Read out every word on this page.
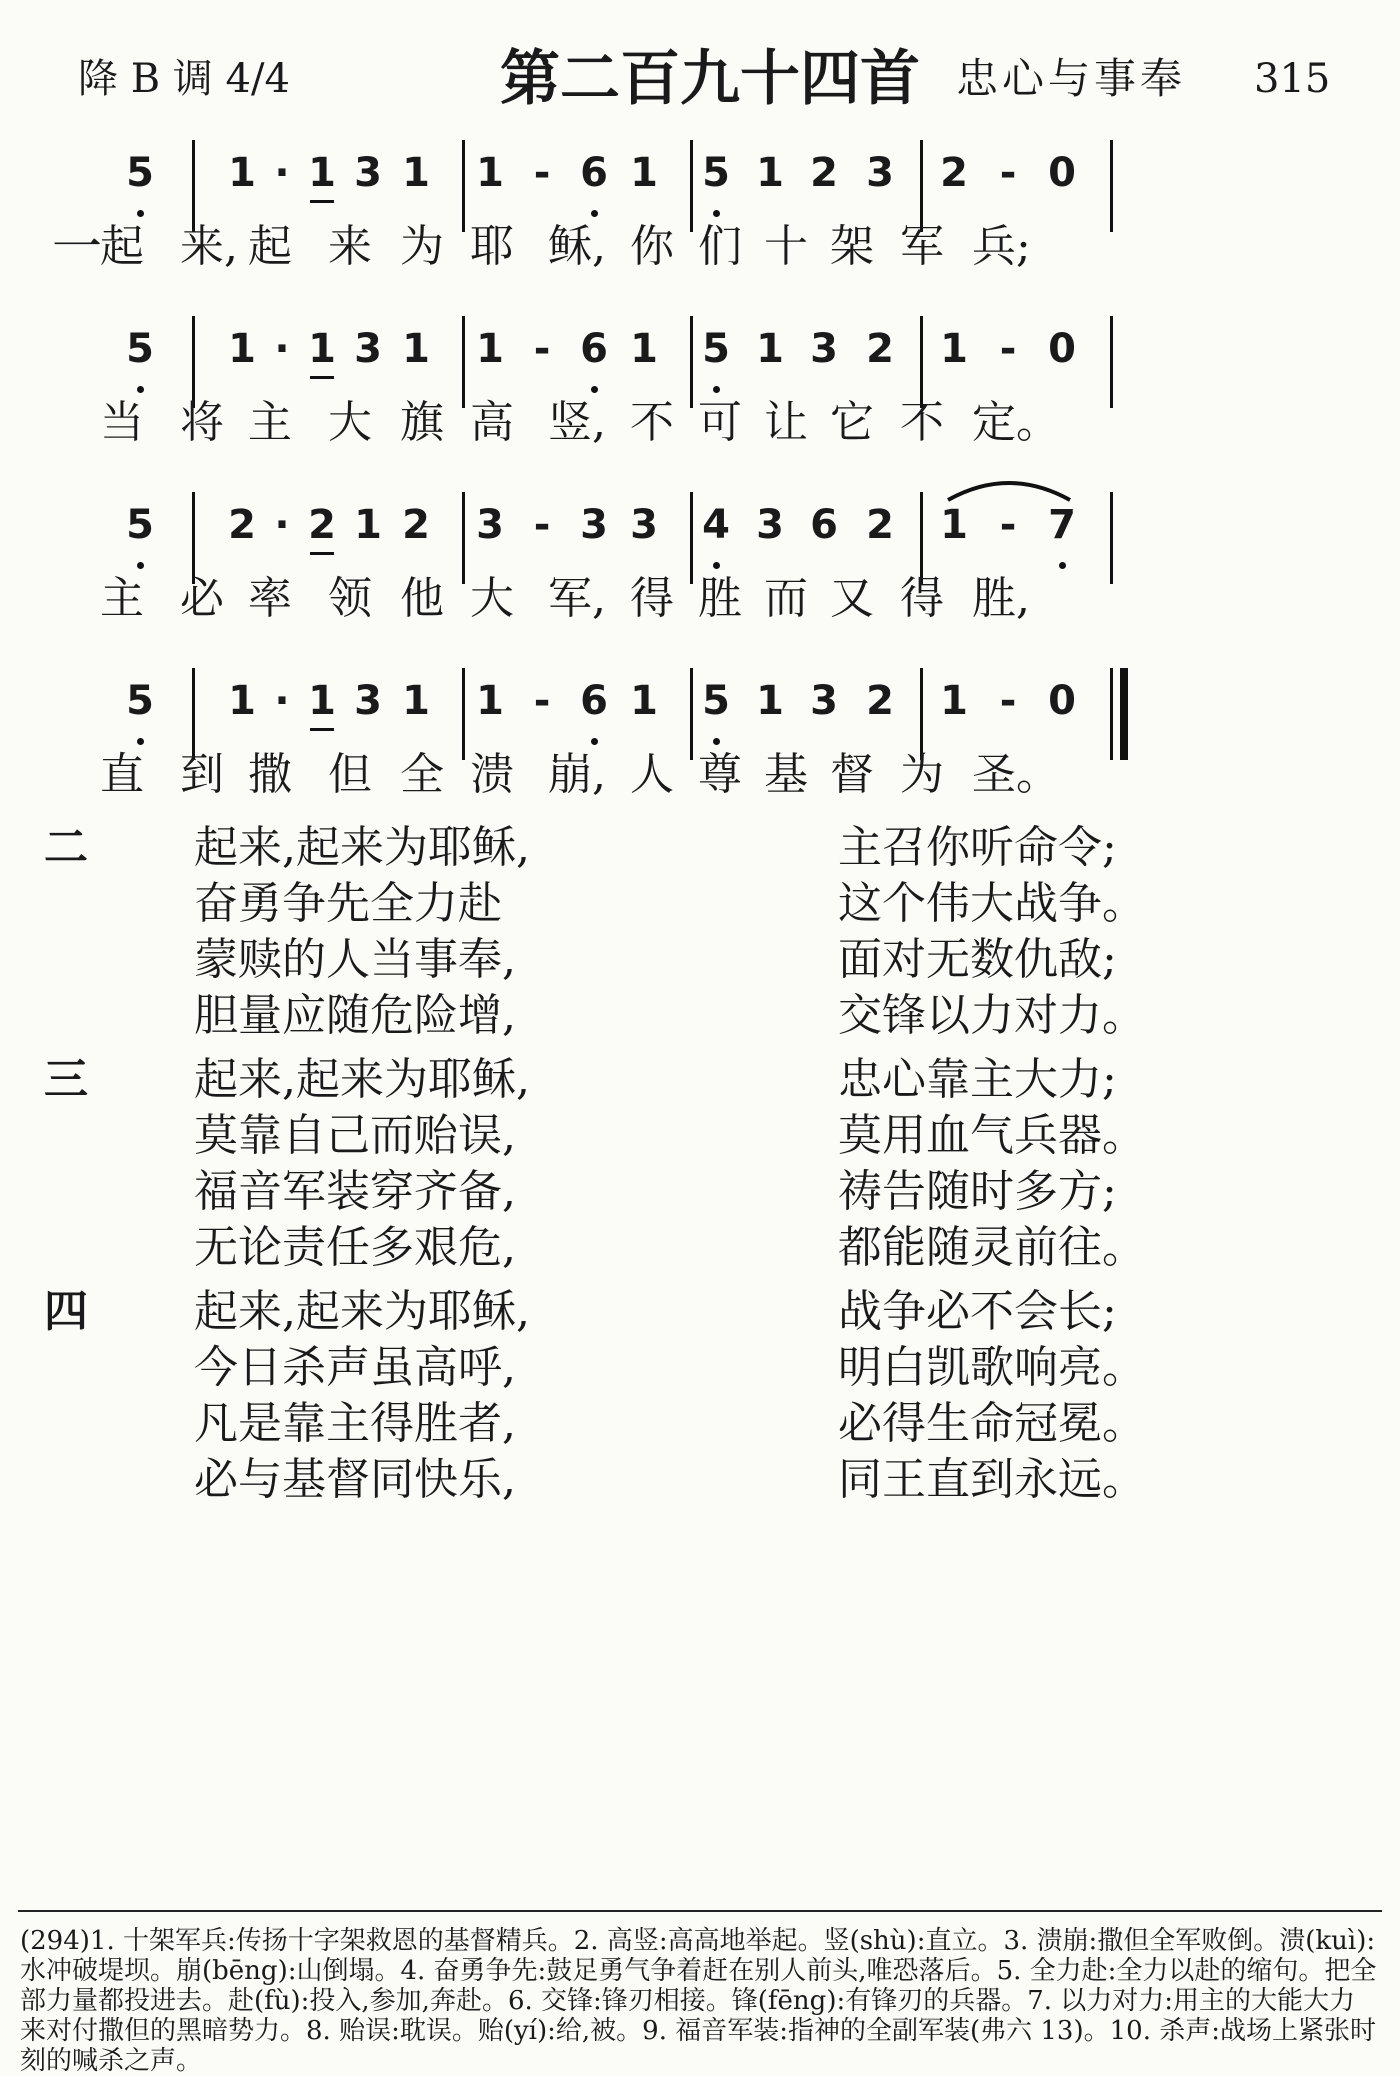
降 B 调 4/4	第二百九十四首 忠心与事奉 315
5 1 · 1 3 1 1 - 6 1 5 1 2 3 2 - 0
一
起 来, 起 来 为 耶 稣, 你 们 十 架 军 兵;
5 1 · 1 3 1 1 - 6 1 5 1 3 2 1 - 0
当 将 主 大 旗 高 竖, 不 可 让 它 不 定。
5 2 · 2 1 2 3 - 3 3 4 3 6 2 1 - 7
主 必 率 领 他 大 军, 得 胜 而 又 得 胜,
5 1 · 1 3 1 1 - 6 1 5 1 3 2 1 - 0
直 到 撒 但 全 溃 崩, 人 尊 基 督 为 圣。
二 起来,起来为耶稣,
奋勇争先全力赴
蒙赎的人当事奉,
胆量应随危险增,
主召你听命令;
这个伟大战争。
面对无数仇敌;
交锋以力对力。
三 起来,起来为耶稣,
莫靠自己而贻误,
福音军装穿齐备,
无论责任多艰危,
忠心靠主大力;
莫用血气兵器。
祷告随时多方;
都能随灵前往。
四 起来,起来为耶稣,
今日杀声虽高呼,
凡是靠主得胜者,
必与基督同快乐,
战争必不会长;
明白凯歌响亮。
必得生命冠冕。
同王直到永远。
(294)1. 十架军兵:传扬十字架救恩的基督精兵。2. 高竖:高高地举起。竖(shù):直立。3. 溃崩:撒但全军败倒。溃(kuì):水冲破堤坝。崩(bēng):山倒塌。4. 奋勇争先:鼓足勇气争着赶在别人前头,唯恐落后。5. 全力赴:全力以赴的缩句。把全部力量都投进去。赴(fù):投入,参加,奔赴。6. 交锋:锋刃相接。锋(fēng):有锋刃的兵器。7. 以力对力:用主的大能大力来对付撒但的黑暗势力。8. 贻误:耽误。贻(yí):给,被。9. 福音军装:指神的全副军装(弗六 13)。10. 杀声:战场上紧张时刻的喊杀之声。
